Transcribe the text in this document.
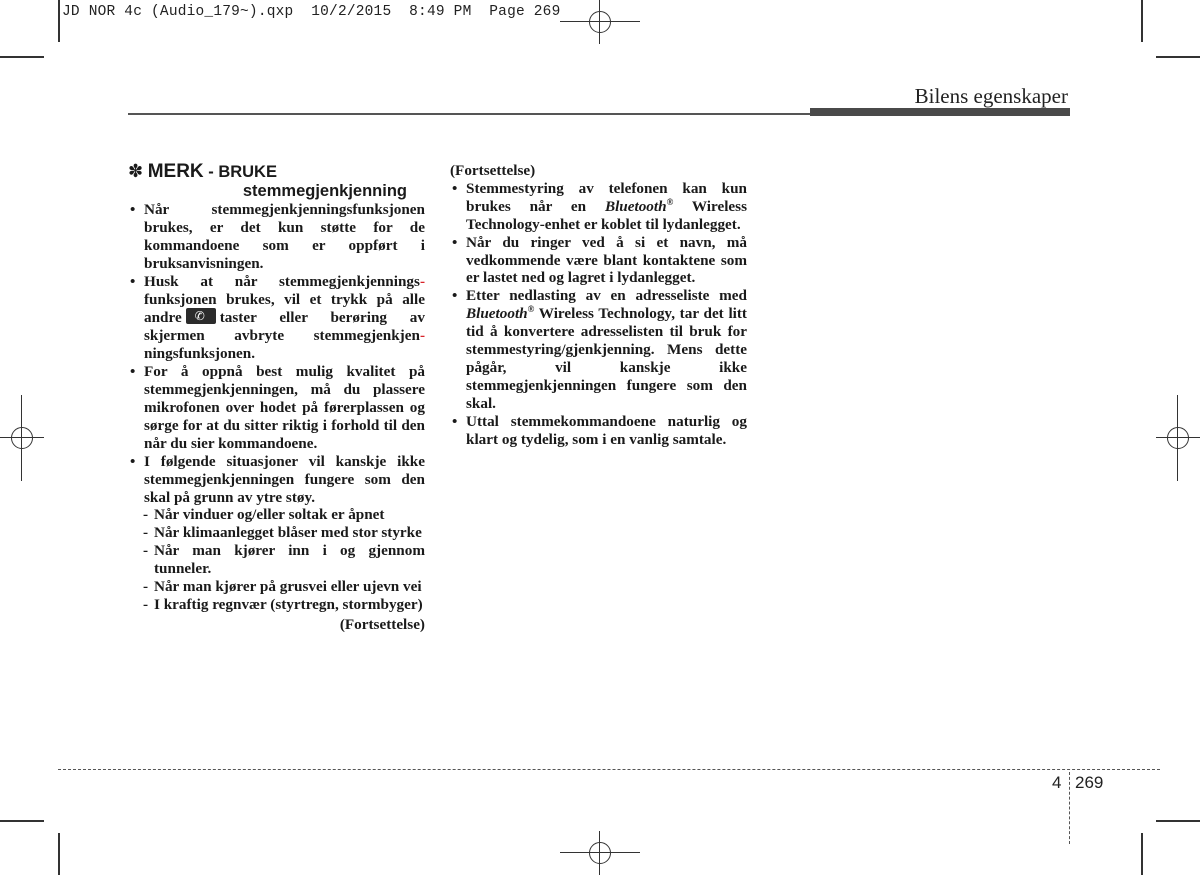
JD NOR 4c (Audio_179~).qxp  10/2/2015  8:49 PM  Page 269
Bilens egenskaper
✽ MERK - BRUKE
stemmegjenkjenning
• Når stemmegjenkjenningsfunksjonen brukes, er det kun støtte for de kommandoene som er oppført i bruksanvisningen.
• Husk at når stemmegjenkjennings- funksjonen brukes, vil et trykk på alle andre ✆ taster eller berøring av skjermen avbryte stemmegjenkjen-ningsfunksjonen.
• For å oppnå best mulig kvalitet på stemmegjenkjenningen, må du plassere mikrofonen over hodet på førerplassen og sørge for at du sitter riktig i forhold til den når du sier kommandoene.
• I følgende situasjoner vil kanskje ikke stemmegjenkjenningen fungere som den skal på grunn av ytre støy.
- Når vinduer og/eller soltak er åpnet
- Når klimaanlegget blåser med stor styrke
- Når man kjører inn i og gjennom tunneler.
- Når man kjører på grusvei eller ujevn vei
- I kraftig regnvær (styrtregn, stormbyger)
(Fortsettelse)
(Fortsettelse)
• Stemmestyring av telefonen kan kun brukes når en Bluetooth® Wireless Technology-enhet er koblet til lydanlegget.
• Når du ringer ved å si et navn, må vedkommende være blant kontaktene som er lastet ned og lagret i lydanlegget.
• Etter nedlasting av en adresseliste med Bluetooth® Wireless Technology, tar det litt tid å konvertere adresselisten til bruk for stemmestyring/gjenkjenning. Mens dette pågår, vil kanskje ikke stemmegjenkjenningen fungere som den skal.
• Uttal stemmekommandoene naturlig og klart og tydelig, som i en vanlig samtale.
4 269
